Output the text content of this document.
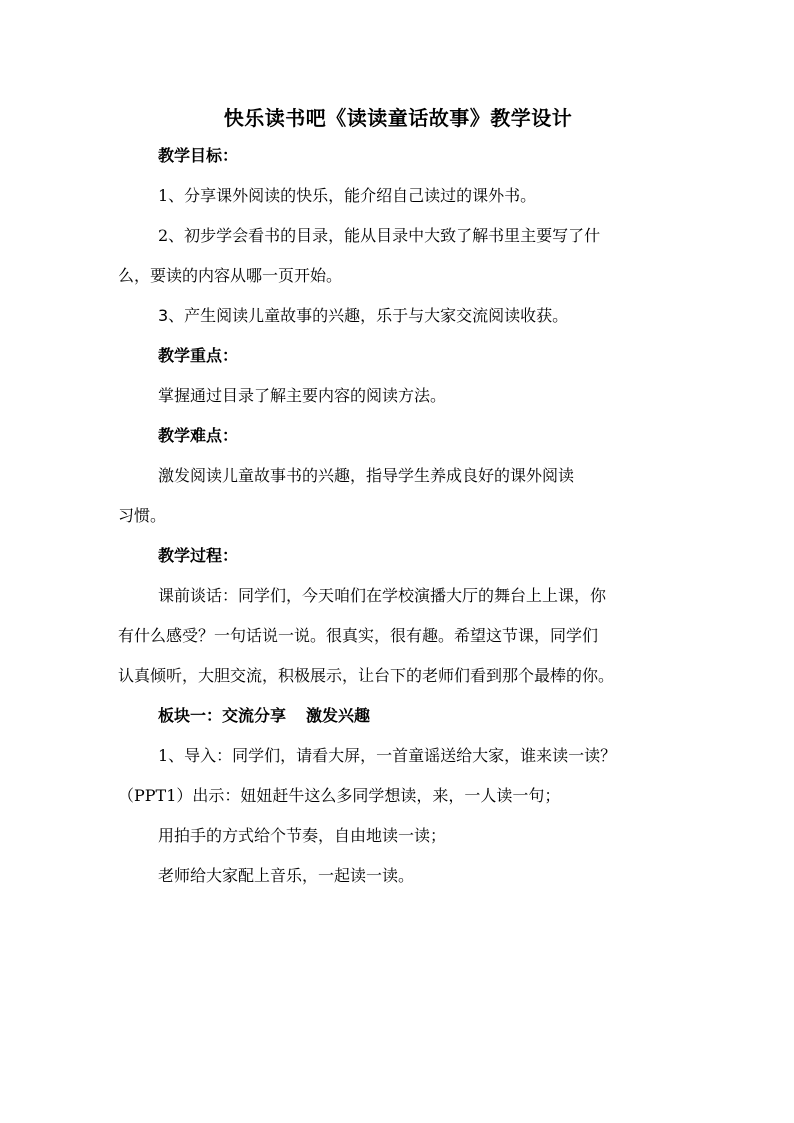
快乐读书吧《读读童话故事》教学设计

教学目标：

1、分享课外阅读的快乐，能介绍自己读过的课外书。

2、初步学会看书的目录，能从目录中大致了解书里主要写了什

么，要读的内容从哪一页开始。

3、产生阅读儿童故事的兴趣，乐于与大家交流阅读收获。

教学重点：

掌握通过目录了解主要内容的阅读方法。

教学难点：

激发阅读儿童故事书的兴趣，指导学生养成良好的课外阅读

习惯。

教学过程：

课前谈话：同学们，今天咱们在学校演播大厅的舞台上上课，你

有什么感受？一句话说一说。很真实，很有趣。希望这节课，同学们

认真倾听，大胆交流，积极展示，让台下的老师们看到那个最棒的你。

板块一：交流分享 激发兴趣

1、导入：同学们，请看大屏，一首童谣送给大家，谁来读一读？

（PPT1）出示：妞妞赶牛这么多同学想读，来，一人读一句；

用拍手的方式给个节奏，自由地读一读；

老师给大家配上音乐，一起读一读。
